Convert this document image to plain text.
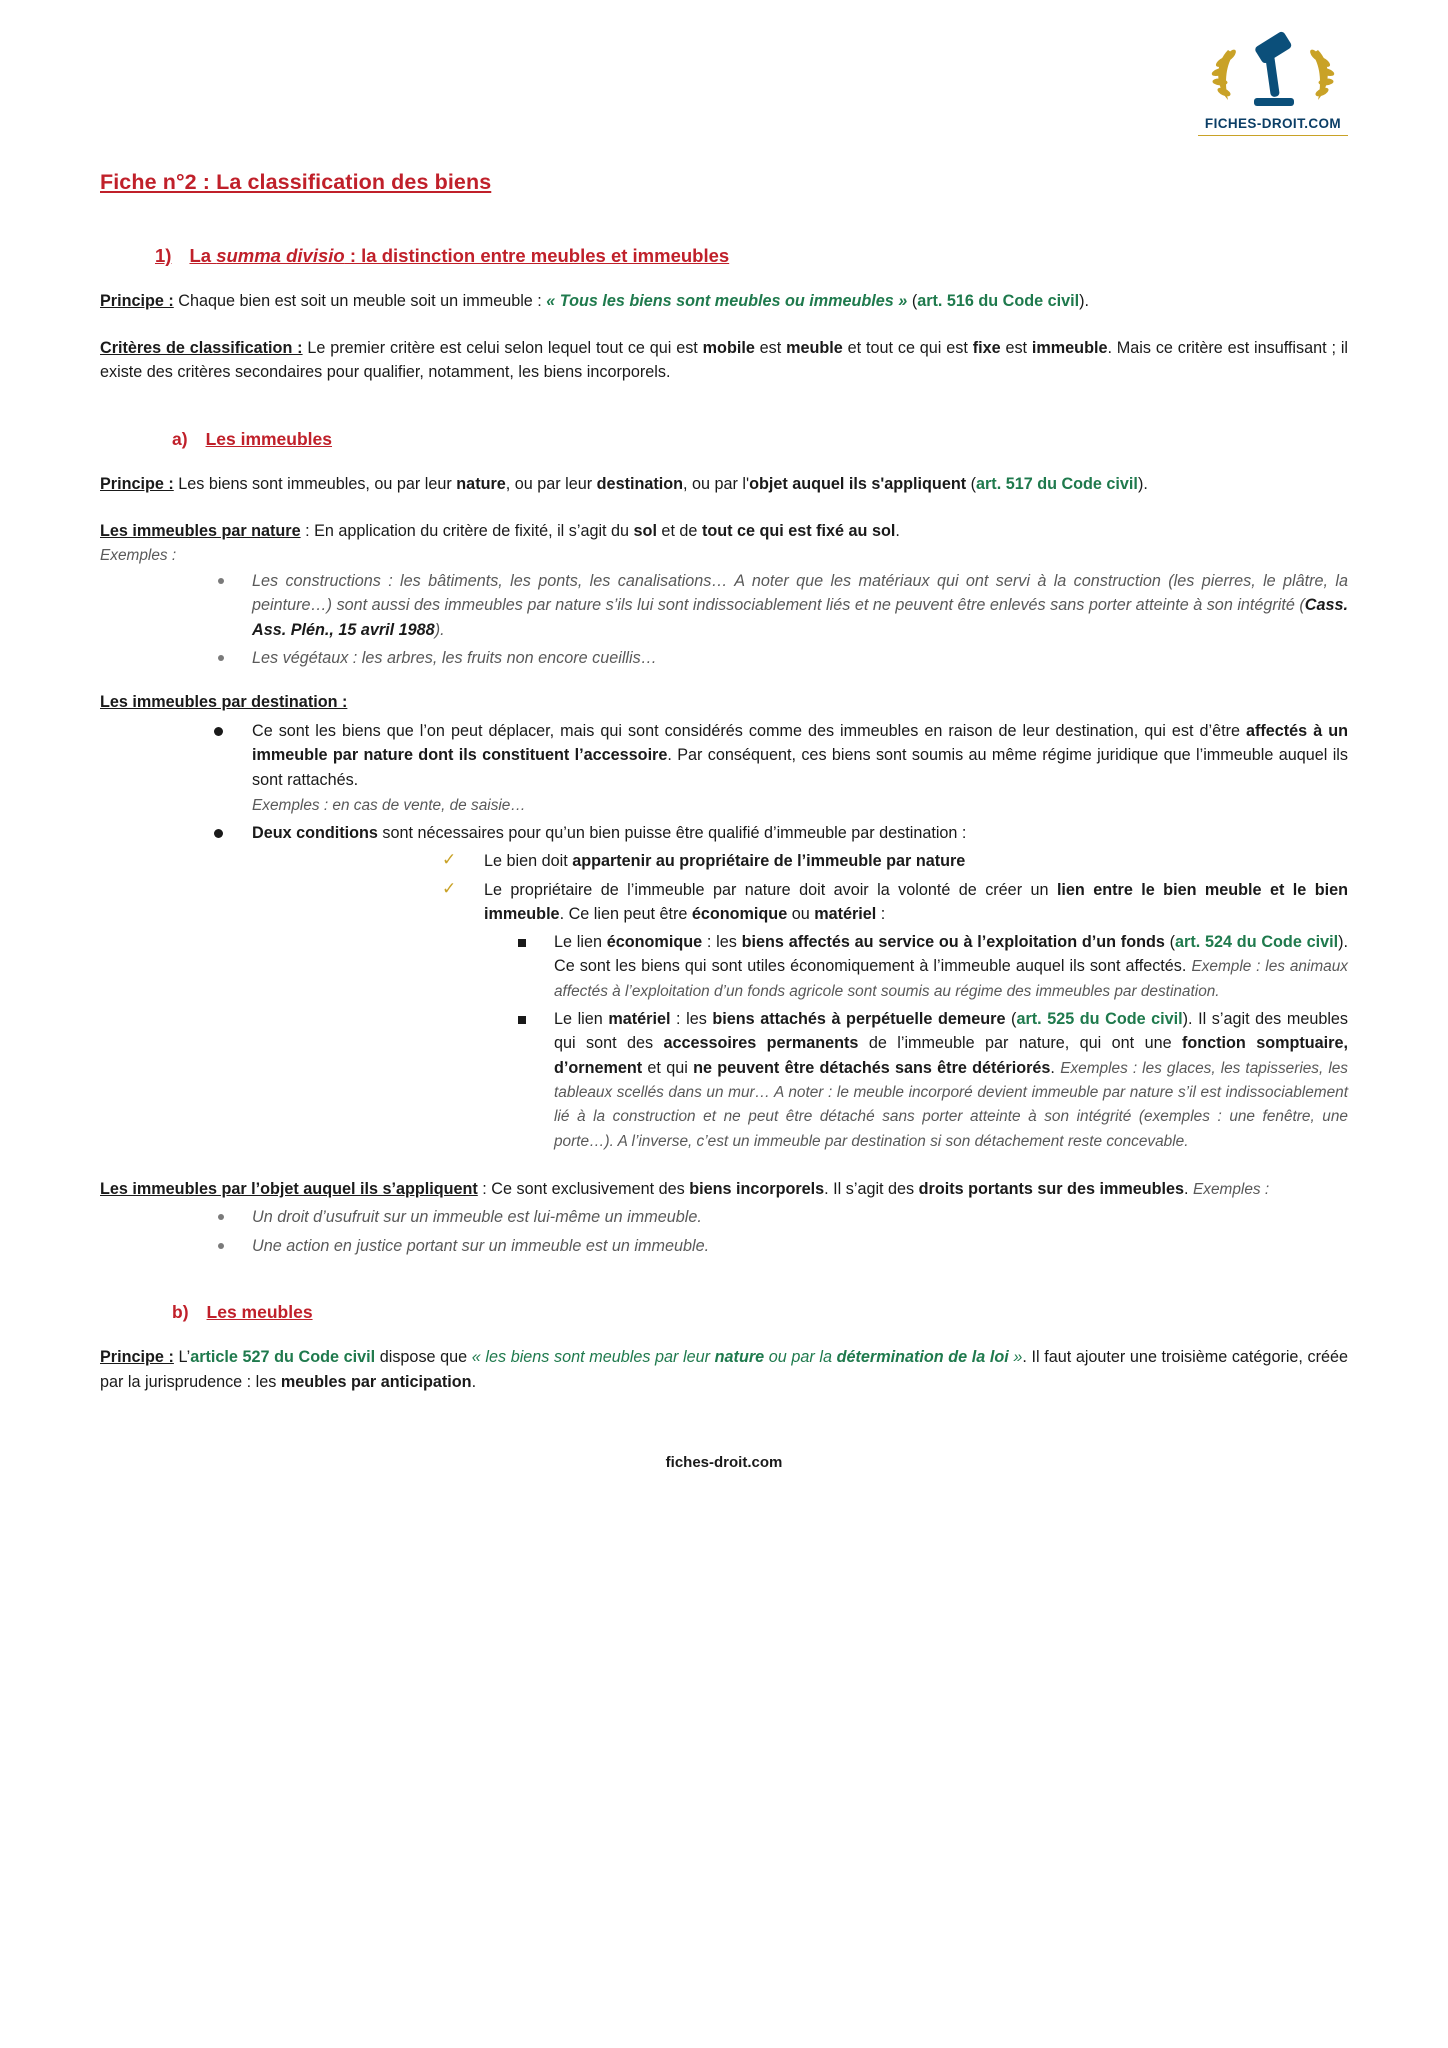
FICHES-DROIT.COM
Fiche n°2 : La classification des biens
1) La summa divisio : la distinction entre meubles et immeubles

Principe : Chaque bien est soit un meuble soit un immeuble : « Tous les biens sont meubles ou immeubles » (art. 516 du Code civil).

Critères de classification : Le premier critère est celui selon lequel tout ce qui est mobile est meuble et tout ce qui est fixe est immeuble. Mais ce critère est insuffisant ; il existe des critères secondaires pour qualifier, notamment, les biens incorporels.

a) Les immeubles

Principe : Les biens sont immeubles, ou par leur nature, ou par leur destination, ou par l'objet auquel ils s'appliquent (art. 517 du Code civil).

Les immeubles par nature : En application du critère de fixité, il s’agit du sol et de tout ce qui est fixé au sol.

Exemples :
Les constructions : les bâtiments, les ponts, les canalisations… A noter que les matériaux qui ont servi à la construction (les pierres, le plâtre, la peinture…) sont aussi des immeubles par nature s’ils lui sont indissociablement liés et ne peuvent être enlevés sans porter atteinte à son intégrité (Cass. Ass. Plén., 15 avril 1988).
Les végétaux : les arbres, les fruits non encore cueillis…

Les immeubles par destination :

Ce sont les biens que l’on peut déplacer, mais qui sont considérés comme des immeubles en raison de leur destination, qui est d’être affectés à un immeuble par nature dont ils constituent l’accessoire. Par conséquent, ces biens sont soumis au même régime juridique que l’immeuble auquel ils sont rattachés.
Exemples : en cas de vente, de saisie…
Deux conditions sont nécessaires pour qu’un bien puisse être qualifié d’immeuble par destination :
✓ Le bien doit appartenir au propriétaire de l’immeuble par nature
✓ Le propriétaire de l’immeuble par nature doit avoir la volonté de créer un lien entre le bien meuble et le bien immeuble. Ce lien peut être économique ou matériel :
Le lien économique : les biens affectés au service ou à l’exploitation d’un fonds (art. 524 du Code civil). Ce sont les biens qui sont utiles économiquement à l’immeuble auquel ils sont affectés. Exemple : les animaux affectés à l’exploitation d’un fonds agricole sont soumis au régime des immeubles par destination.
Le lien matériel : les biens attachés à perpétuelle demeure (art. 525 du Code civil). Il s’agit des meubles qui sont des accessoires permanents de l’immeuble par nature, qui ont une fonction somptuaire, d’ornement et qui ne peuvent être détachés sans être détériorés. Exemples : les glaces, les tapisseries, les tableaux scellés dans un mur… A noter : le meuble incorporé devient immeuble par nature s’il est indissociablement lié à la construction et ne peut être détaché sans porter atteinte à son intégrité (exemples : une fenêtre, une porte…). A l’inverse, c’est un immeuble par destination si son détachement reste concevable.

Les immeubles par l’objet auquel ils s’appliquent : Ce sont exclusivement des biens incorporels. Il s’agit des droits portants sur des immeubles. Exemples :

Un droit d’usufruit sur un immeuble est lui-même un immeuble.
Une action en justice portant sur un immeuble est un immeuble.
b) Les meubles

Principe : L’article 527 du Code civil dispose que « les biens sont meubles par leur nature ou par la détermination de la loi ». Il faut ajouter une troisième catégorie, créée par la jurisprudence : les meubles par anticipation.

fiches-droit.com
